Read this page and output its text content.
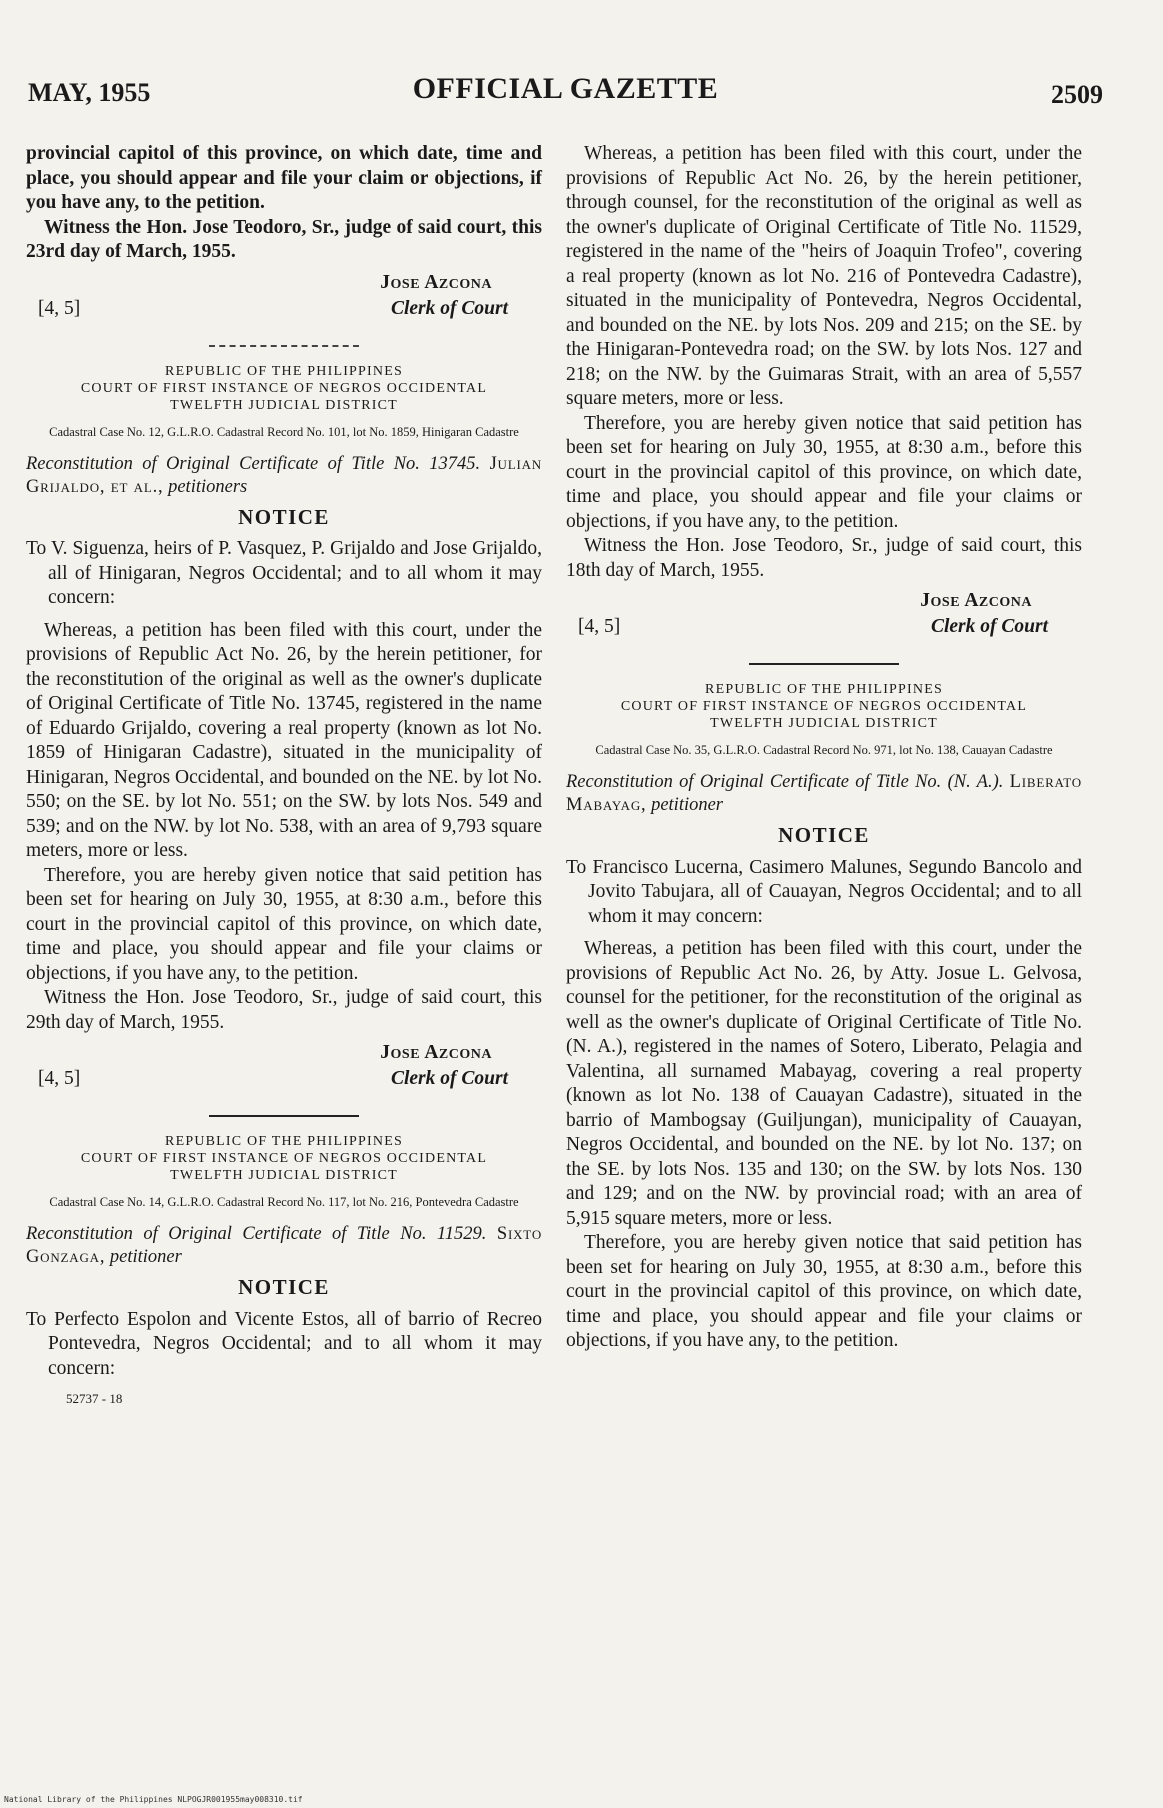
MAY, 1955	OFFICIAL GAZETTE	2509

provincial capitol of this province, on which date, time and place, you should appear and file your claim or objections, if you have any, to the petition.

Witness the Hon. Jose Teodoro, Sr., judge of said court, this 23rd day of March, 1955.

Jose Azcona
[4, 5]	Clerk of Court
REPUBLIC OF THE PHILIPPINES
COURT OF FIRST INSTANCE OF NEGROS OCCIDENTAL
TWELFTH JUDICIAL DISTRICT
Cadastral Case No. 12, G.L.R.O. Cadastral Record No. 101, lot No. 1859, Hinigaran Cadastre

Reconstitution of Original Certificate of Title No. 13745. Julian Grijaldo, et al., petitioners

NOTICE

To V. Siguenza, heirs of P. Vasquez, P. Grijaldo and Jose Grijaldo, all of Hinigaran, Negros Occidental; and to all whom it may concern:

Whereas, a petition has been filed with this court, under the provisions of Republic Act No. 26, by the herein petitioner, for the reconstitution of the original as well as the owner's duplicate of Original Certificate of Title No. 13745, registered in the name of Eduardo Grijaldo, covering a real property (known as lot No. 1859 of Hinigaran Cadastre), situated in the municipality of Hinigaran, Negros Occidental, and bounded on the NE. by lot No. 550; on the SE. by lot No. 551; on the SW. by lots Nos. 549 and 539; and on the NW. by lot No. 538, with an area of 9,793 square meters, more or less.

Therefore, you are hereby given notice that said petition has been set for hearing on July 30, 1955, at 8:30 a.m., before this court in the provincial capitol of this province, on which date, time and place, you should appear and file your claims or objections, if you have any, to the petition.

Witness the Hon. Jose Teodoro, Sr., judge of said court, this 29th day of March, 1955.

Jose Azcona
[4, 5]	Clerk of Court
REPUBLIC OF THE PHILIPPINES
COURT OF FIRST INSTANCE OF NEGROS OCCIDENTAL
TWELFTH JUDICIAL DISTRICT
Cadastral Case No. 14, G.L.R.O. Cadastral Record No. 117, lot No. 216, Pontevedra Cadastre

Reconstitution of Original Certificate of Title No. 11529. Sixto Gonzaga, petitioner

NOTICE

To Perfecto Espolon and Vicente Estos, all of barrio of Recreo Pontevedra, Negros Occidental; and to all whom it may concern:

52737 - 18

Whereas, a petition has been filed with this court, under the provisions of Republic Act No. 26, by the herein petitioner, through counsel, for the reconstitution of the original as well as the owner's duplicate of Original Certificate of Title No. 11529, registered in the name of the "heirs of Joaquin Trofeo", covering a real property (known as lot No. 216 of Pontevedra Cadastre), situated in the municipality of Pontevedra, Negros Occidental, and bounded on the NE. by lots Nos. 209 and 215; on the SE. by the Hinigaran-Pontevedra road; on the SW. by lots Nos. 127 and 218; on the NW. by the Guimaras Strait, with an area of 5,557 square meters, more or less.

Therefore, you are hereby given notice that said petition has been set for hearing on July 30, 1955, at 8:30 a.m., before this court in the provincial capitol of this province, on which date, time and place, you should appear and file your claims or objections, if you have any, to the petition.

Witness the Hon. Jose Teodoro, Sr., judge of said court, this 18th day of March, 1955.

Jose Azcona
[4, 5]	Clerk of Court
REPUBLIC OF THE PHILIPPINES
COURT OF FIRST INSTANCE OF NEGROS OCCIDENTAL
TWELFTH JUDICIAL DISTRICT
Cadastral Case No. 35, G.L.R.O. Cadastral Record No. 971, lot No. 138, Cauayan Cadastre

Reconstitution of Original Certificate of Title No. (N. A.). Liberato Mabayag, petitioner

NOTICE

To Francisco Lucerna, Casimero Malunes, Segundo Bancolo and Jovito Tabujara, all of Cauayan, Negros Occidental; and to all whom it may concern:

Whereas, a petition has been filed with this court, under the provisions of Republic Act No. 26, by Atty. Josue L. Gelvosa, counsel for the petitioner, for the reconstitution of the original as well as the owner's duplicate of Original Certificate of Title No. (N. A.), registered in the names of Sotero, Liberato, Pelagia and Valentina, all surnamed Mabayag, covering a real property (known as lot No. 138 of Cauayan Cadastre), situated in the barrio of Mambogsay (Guiljungan), municipality of Cauayan, Negros Occidental, and bounded on the NE. by lot No. 137; on the SE. by lots Nos. 135 and 130; on the SW. by lots Nos. 130 and 129; and on the NW. by provincial road; with an area of 5,915 square meters, more or less.

Therefore, you are hereby given notice that said petition has been set for hearing on July 30, 1955, at 8:30 a.m., before this court in the provincial capitol of this province, on which date, time and place, you should appear and file your claims or objections, if you have any, to the petition.

National Library of the Philippines NLPOGJR001955may008310.tif
